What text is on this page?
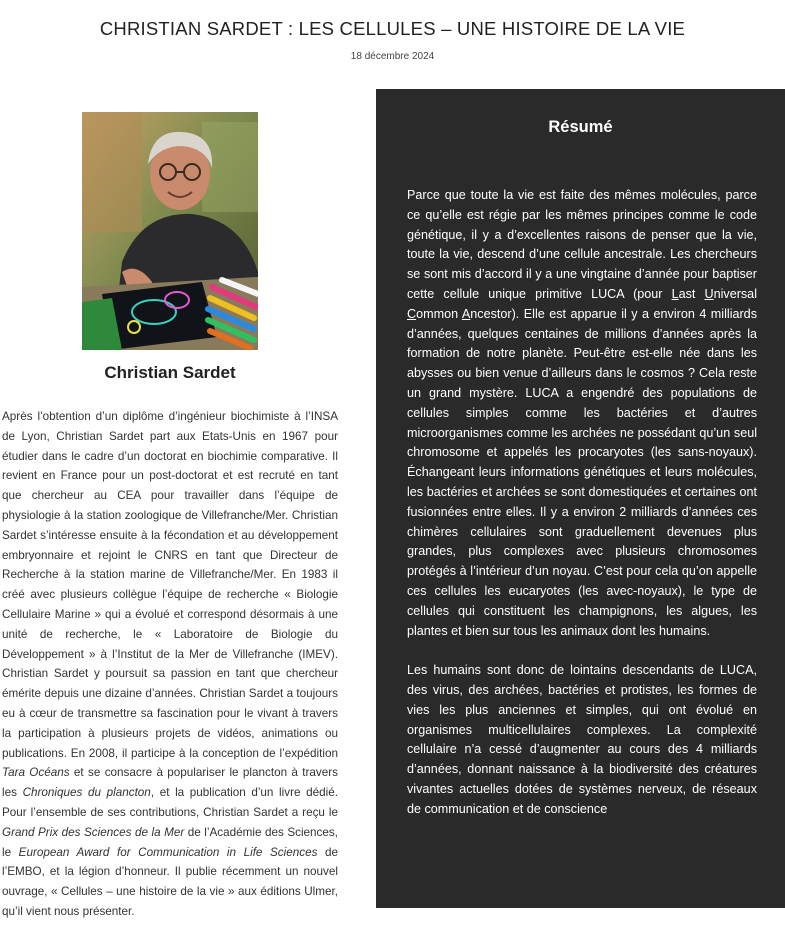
CHRISTIAN SARDET : LES CELLULES – UNE HISTOIRE DE LA VIE
18 décembre 2024
Christian Sardet

Après l’obtention d’un diplôme d’ingénieur biochimiste à l’INSA de Lyon, Christian Sardet part aux Etats-Unis en 1967 pour étudier dans le cadre d’un doctorat en biochimie comparative. Il revient en France pour un post-doctorat et est recruté en tant que chercheur au CEA pour travailler dans l’équipe de physiologie à la station zoologique de Villefranche/Mer. Christian Sardet s’intéresse ensuite à la fécondation et au développement embryonnaire et rejoint le CNRS en tant que Directeur de Recherche à la station marine de Villefranche/Mer. En 1983 il créé avec plusieurs collègue l’équipe de recherche « Biologie Cellulaire Marine » qui a évolué et correspond désormais à une unité de recherche, le « Laboratoire de Biologie du Développement » à l’Institut de la Mer de Villefranche (IMEV). Christian Sardet y poursuit sa passion en tant que chercheur émérite depuis une dizaine d’années. Christian Sardet a toujours eu à cœur de transmettre sa fascination pour le vivant à travers la participation à plusieurs projets de vidéos, animations ou publications. En 2008, il participe à la conception de l’expédition Tara Océans et se consacre à populariser le plancton à travers les Chroniques du plancton, et la publication d’un livre dédié. Pour l’ensemble de ses contributions, Christian Sardet a reçu le Grand Prix des Sciences de la Mer de l’Académie des Sciences, le European Award for Communication in Life Sciences de l’EMBO, et la légion d’honneur. Il publie récemment un nouvel ouvrage, « Cellules – une histoire de la vie » aux éditions Ulmer, qu’il vient nous présenter.

Résumé

Parce que toute la vie est faite des mêmes molécules, parce ce qu’elle est régie par les mêmes principes comme le code génétique, il y a d’excellentes raisons de penser que la vie, toute la vie, descend d’une cellule ancestrale. Les chercheurs se sont mis d’accord il y a une vingtaine d’année pour baptiser cette cellule unique primitive LUCA (pour Last Universal Common Ancestor). Elle est apparue il y a environ 4 milliards d’années, quelques centaines de millions d’années après la formation de notre planète. Peut-être est-elle née dans les abysses ou bien venue d’ailleurs dans le cosmos ? Cela reste un grand mystère. LUCA a engendré des populations de cellules simples comme les bactéries et d’autres microorganismes comme les archées ne possédant qu’un seul chromosome et appelés les procaryotes (les sans-noyaux). Échangeant leurs informations génétiques et leurs molécules, les bactéries et archées se sont domestiquées et certaines ont fusionnées entre elles. Il y a environ 2 milliards d’années ces chimères cellulaires sont graduellement devenues plus grandes, plus complexes avec plusieurs chromosomes protégés à l’intérieur d’un noyau. C’est pour cela qu’on appelle ces cellules les eucaryotes (les avec-noyaux), le type de cellules qui constituent les champignons, les algues, les plantes et bien sur tous les animaux dont les humains.

Les humains sont donc de lointains descendants de LUCA, des virus, des archées, bactéries et protistes, les formes de vies les plus anciennes et simples, qui ont évolué en organismes multicellulaires complexes. La complexité cellulaire n’a cessé d’augmenter au cours des 4 milliards d’années, donnant naissance à la biodiversité des créatures vivantes actuelles dotées de systèmes nerveux, de réseaux de communication et de conscience
